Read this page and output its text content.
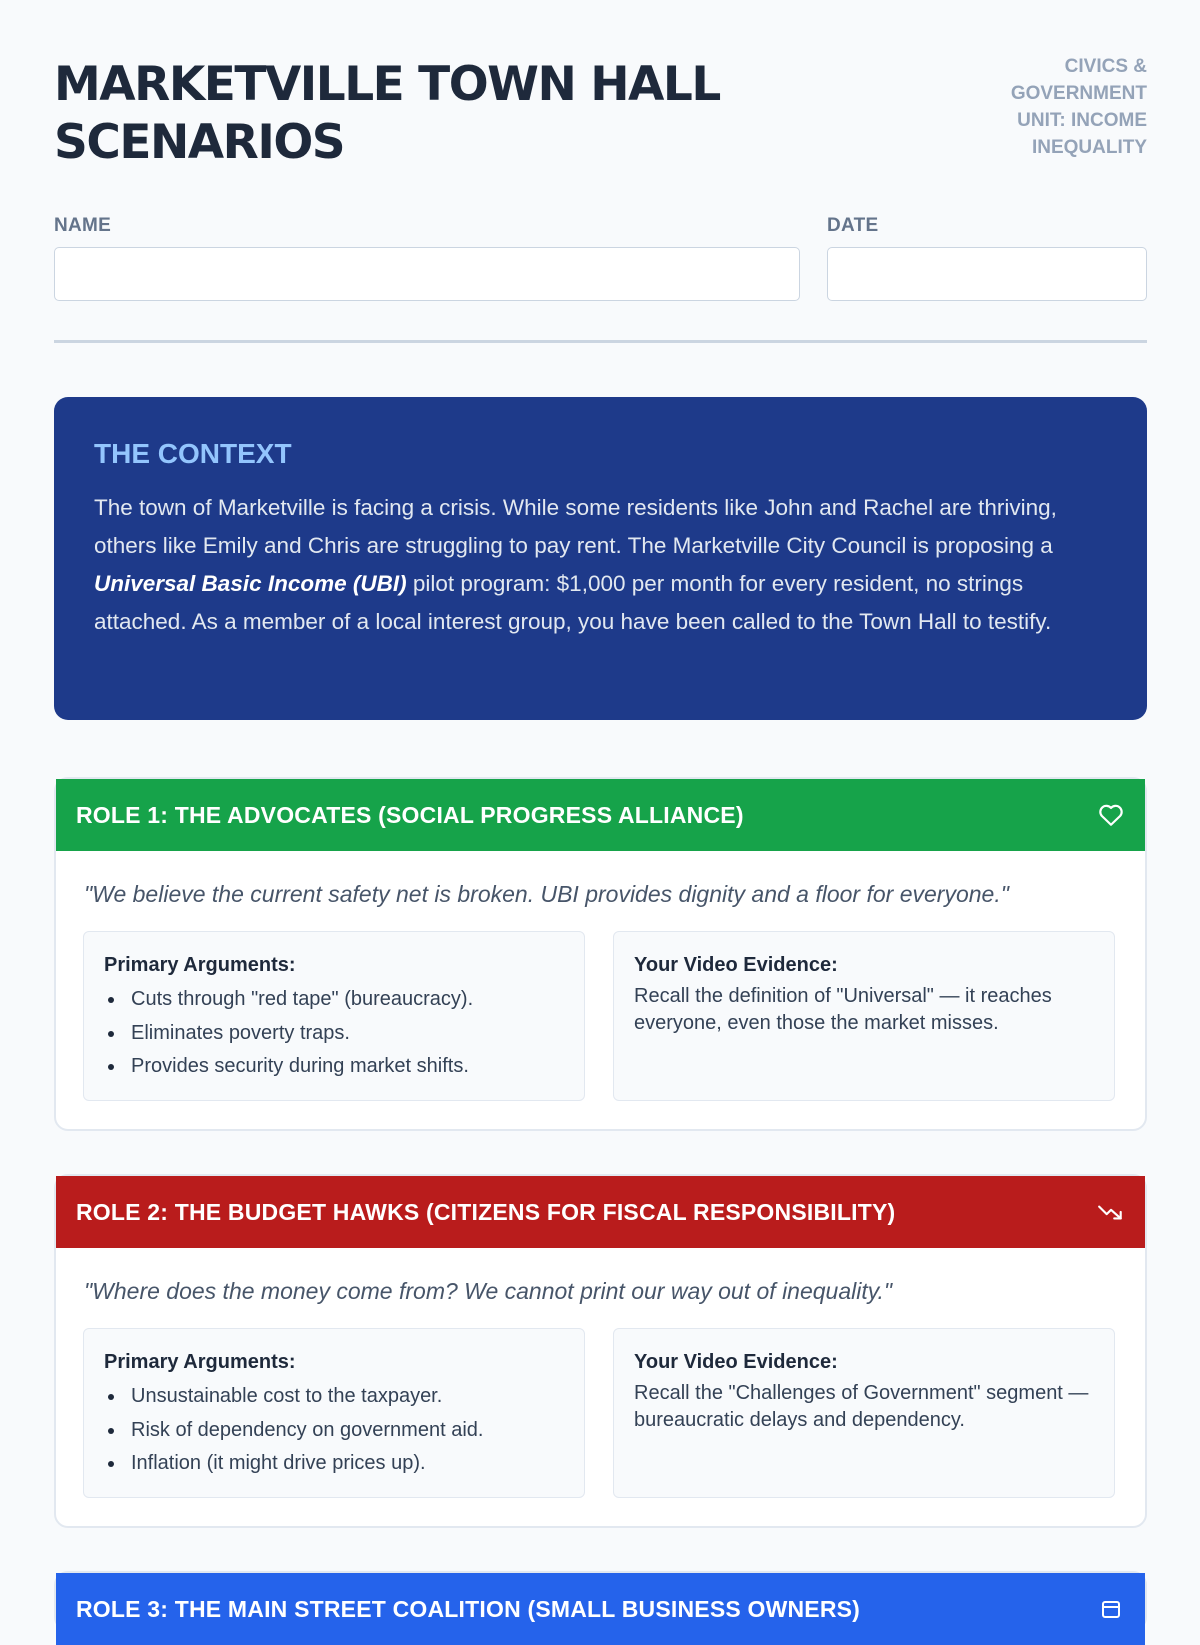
MARKETVILLE TOWN HALL SCENARIOS
CIVICS & GOVERNMENT UNIT: INCOME INEQUALITY
NAME	DATE
THE CONTEXT

The town of Marketville is facing a crisis. While some residents like John and Rachel are thriving, others like Emily and Chris are struggling to pay rent. The Marketville City Council is proposing a Universal Basic Income (UBI) pilot program: $1,000 per month for every resident, no strings attached. As a member of a local interest group, you have been called to the Town Hall to testify.

ROLE 1: THE ADVOCATES (SOCIAL PROGRESS ALLIANCE)
"We believe the current safety net is broken. UBI provides dignity and a floor for everyone."
Primary Arguments:
Cuts through "red tape" (bureaucracy).
Eliminates poverty traps.
Provides security during market shifts.
Your Video Evidence:
Recall the definition of "Universal" — it reaches everyone, even those the market misses.
ROLE 2: THE BUDGET HAWKS (CITIZENS FOR FISCAL RESPONSIBILITY)
"Where does the money come from? We cannot print our way out of inequality."
Primary Arguments:
Unsustainable cost to the taxpayer.
Risk of dependency on government aid.
Inflation (it might drive prices up).
Your Video Evidence:
Recall the "Challenges of Government" segment — bureaucratic delays and dependency.
ROLE 3: THE MAIN STREET COALITION (SMALL BUSINESS OWNERS)
